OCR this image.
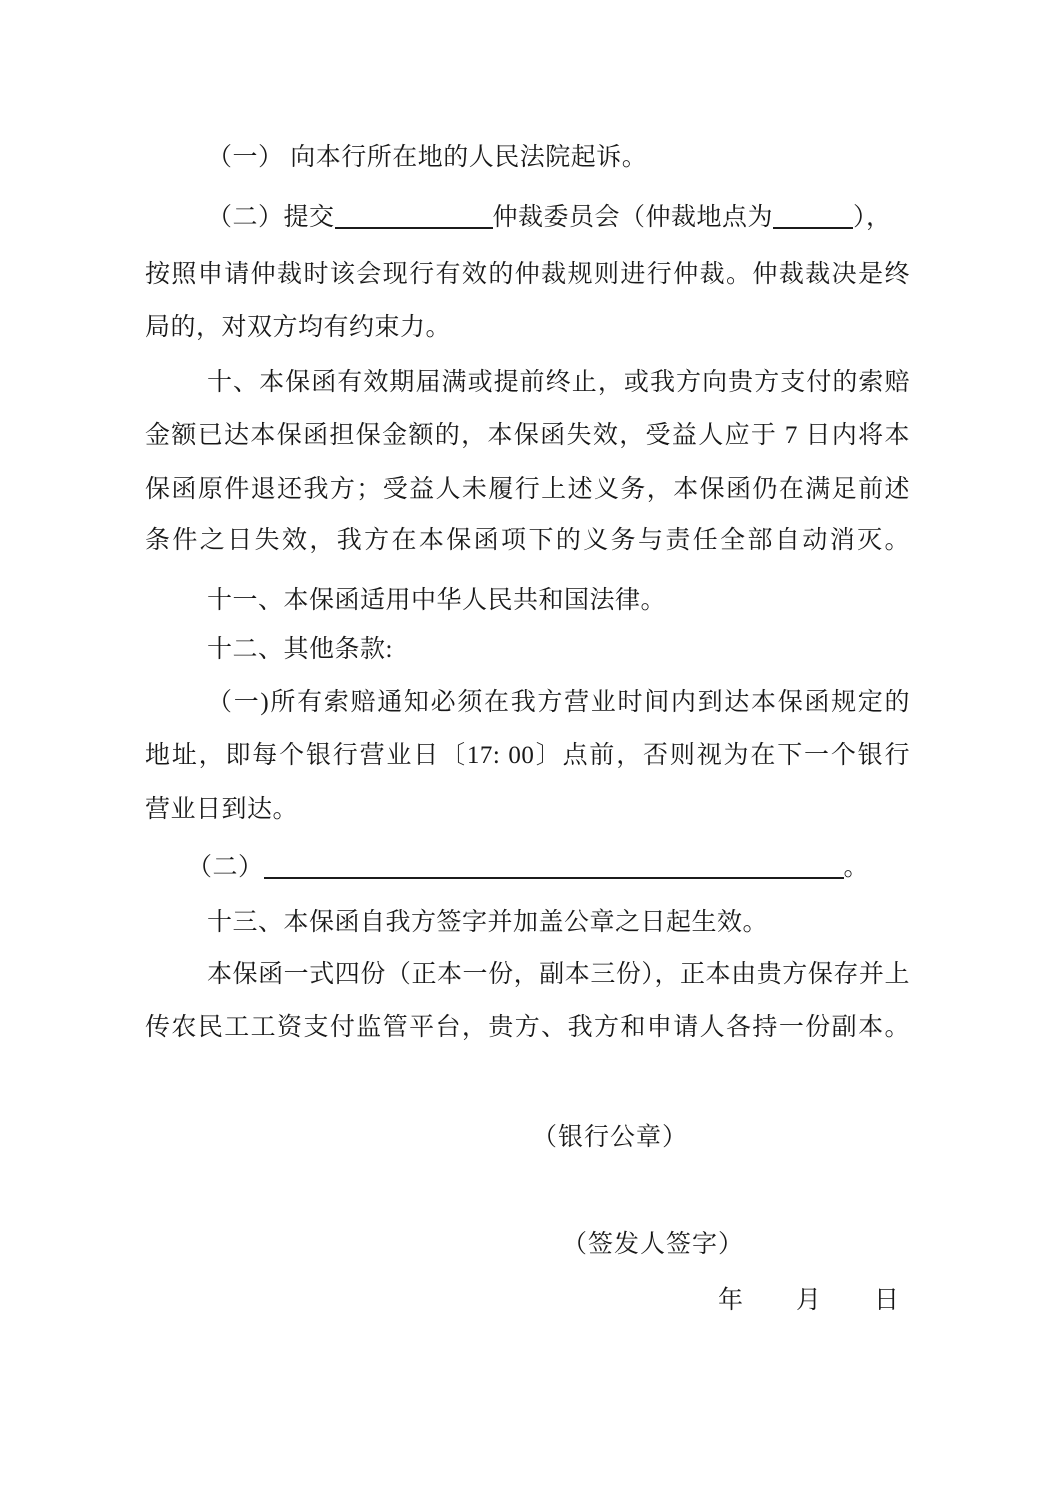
（一） 向本行所在地的人民法院起诉。
（二）提交	仲裁委员会（仲裁地点为	），
按照申请仲裁时该会现行有效的仲裁规则进行仲裁。仲裁裁决是终
局的，对双方均有约束力。
十、本保函有效期届满或提前终止，或我方向贵方支付的索赔
金额已达本保函担保金额的，本保函失效，受益人应于 7 日内将本
保函原件退还我方；受益人未履行上述义务，本保函仍在满足前述
条件之日失效，我方在本保函项下的义务与责任全部自动消灭。
十一、本保函适用中华人民共和国法律。
十二、其他条款:
（一)所有索赔通知必须在我方营业时间内到达本保函规定的
地址，即每个银行营业日〔17: 00〕点前，否则视为在下一个银行
营业日到达。
（二）	。
十三、本保函自我方签字并加盖公章之日起生效。
本保函一式四份（正本一份，副本三份），正本由贵方保存并上
传农民工工资支付监管平台，贵方、我方和申请人各持一份副本。
（银行公章）
（签发人签字）
年　　月　　日
